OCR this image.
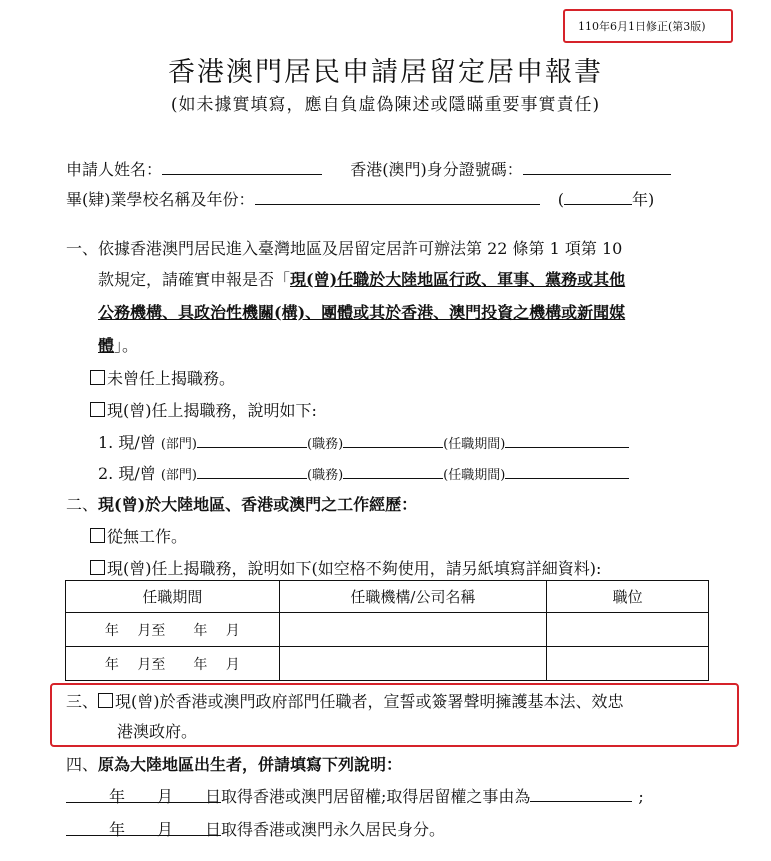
110年6月1日修正(第3版)
香港澳門居民申請居留定居申報書
(如未據實填寫，應自負虛偽陳述或隱瞞重要事實責任)
申請人姓名：	香港(澳門)身分證號碼：
畢(肄)業學校名稱及年份：	(	年)
一、依據香港澳門居民進入臺灣地區及居留定居許可辦法第 22 條第 1 項第 10
款規定，請確實申報是否「現(曾)任職於大陸地區行政、軍事、黨務或其他
公務機構、具政治性機關(構)、團體或其於香港、澳門投資之機構或新聞媒
體」。
未曾任上揭職務。
現(曾)任上揭職務，說明如下:
1. 現/曾 (部門)	(職務)	(任職期間)
2. 現/曾 (部門)	(職務)	(任職期間)
二、現(曾)於大陸地區、香港或澳門之工作經歷：
從無工作。
現(曾)任上揭職務，說明如下(如空格不夠使用，請另紙填寫詳細資料):
任職期間	任職機構/公司名稱	職位
年　 月至　　年　 月		
年　 月至　　年　 月		
三、 現(曾)於香港或澳門政府部門任職者，宣誓或簽署聲明擁護基本法、效忠
港澳政府。
四、原為大陸地區出生者，併請填寫下列說明：
年　　月　　日取得香港或澳門居留權;取得居留權之事由為	;
年　　月　　日取得香港或澳門永久居民身分。
